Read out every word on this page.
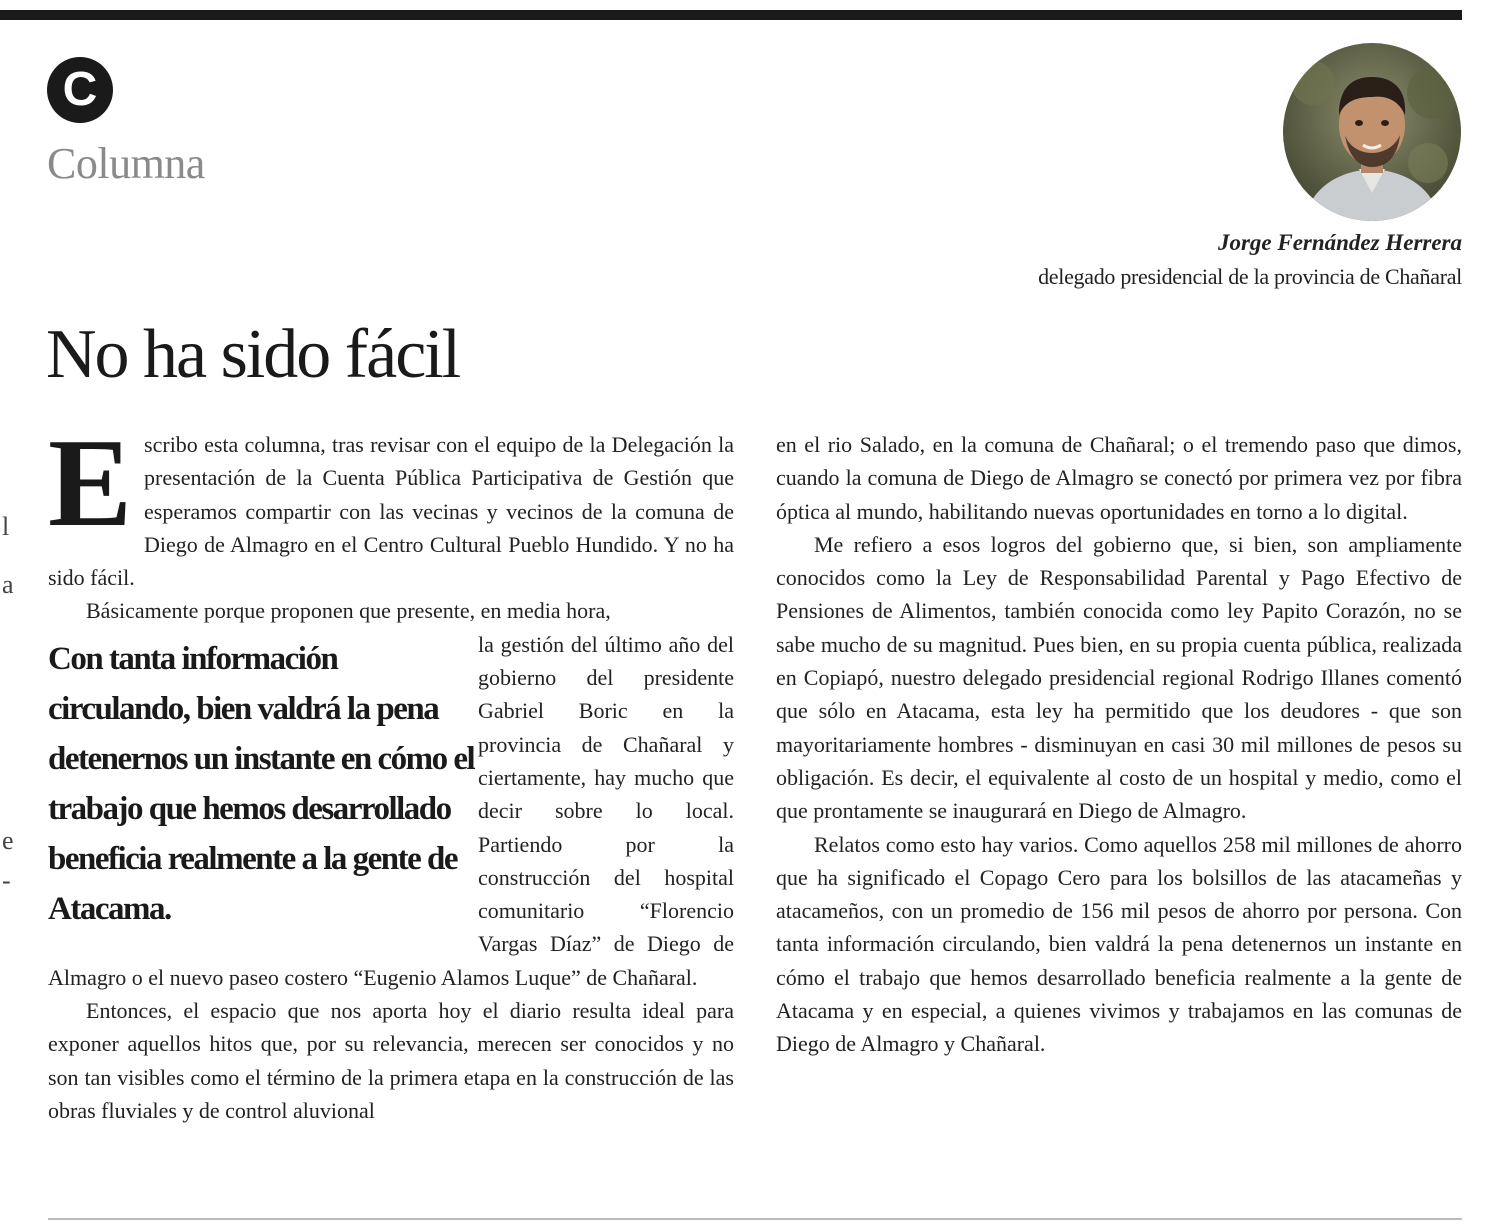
l
a
e
-
C
Columna
Jorge Fernández Herrera
delegado presidencial de la provincia de Chañaral
No ha sido fácil

Escribo esta columna, tras revisar con el equipo de la Delegación la presentación de la Cuenta Pública Participativa de Gestión que esperamos compartir con las vecinas y vecinos de la comuna de Diego de Almagro en el Centro Cultural Pueblo Hundido. Y no ha sido fácil.

Básicamente porque proponen que presente, en media hora,

Con tanta información circulando, bien valdrá la pena detenernos un instante en cómo el trabajo que hemos desarrollado beneficia realmente a la gente de Atacama.

la gestión del último año del gobierno del presidente Gabriel Boric en la provincia de Chañaral y ciertamente, hay mucho que decir sobre lo local. Partiendo por la construcción del hospital comunitario “Florencio Vargas Díaz” de Diego de Almagro o el nuevo paseo costero “Eugenio Alamos Luque” de Chañaral.

Entonces, el espacio que nos aporta hoy el diario resulta ideal para exponer aquellos hitos que, por su relevancia, merecen ser conocidos y no son tan visibles como el término de la primera etapa en la construcción de las obras fluviales y de control aluvional

en el rio Salado, en la comuna de Chañaral; o el tremendo paso que dimos, cuando la comuna de Diego de Almagro se conectó por primera vez por fibra óptica al mundo, habilitando nuevas oportunidades en torno a lo digital.

Me refiero a esos logros del gobierno que, si bien, son ampliamente conocidos como la Ley de Responsabilidad Parental y Pago Efectivo de Pensiones de Alimentos, también conocida como ley Papito Corazón, no se sabe mucho de su magnitud. Pues bien, en su propia cuenta pública, realizada en Copiapó, nuestro delegado presidencial regional Rodrigo Illanes comentó que sólo en Atacama, esta ley ha permitido que los deudores - que son mayoritariamente hombres - disminuyan en casi 30 mil millones de pesos su obligación. Es decir, el equivalente al costo de un hospital y medio, como el que prontamente se inaugurará en Diego de Almagro.

Relatos como esto hay varios. Como aquellos 258 mil millones de ahorro que ha significado el Copago Cero para los bolsillos de las atacameñas y atacameños, con un promedio de 156 mil pesos de ahorro por persona. Con tanta información circulando, bien valdrá la pena detenernos un instante en cómo el trabajo que hemos desarrollado beneficia realmente a la gente de Atacama y en especial, a quienes vivimos y trabajamos en las comunas de Diego de Almagro y Chañaral.
